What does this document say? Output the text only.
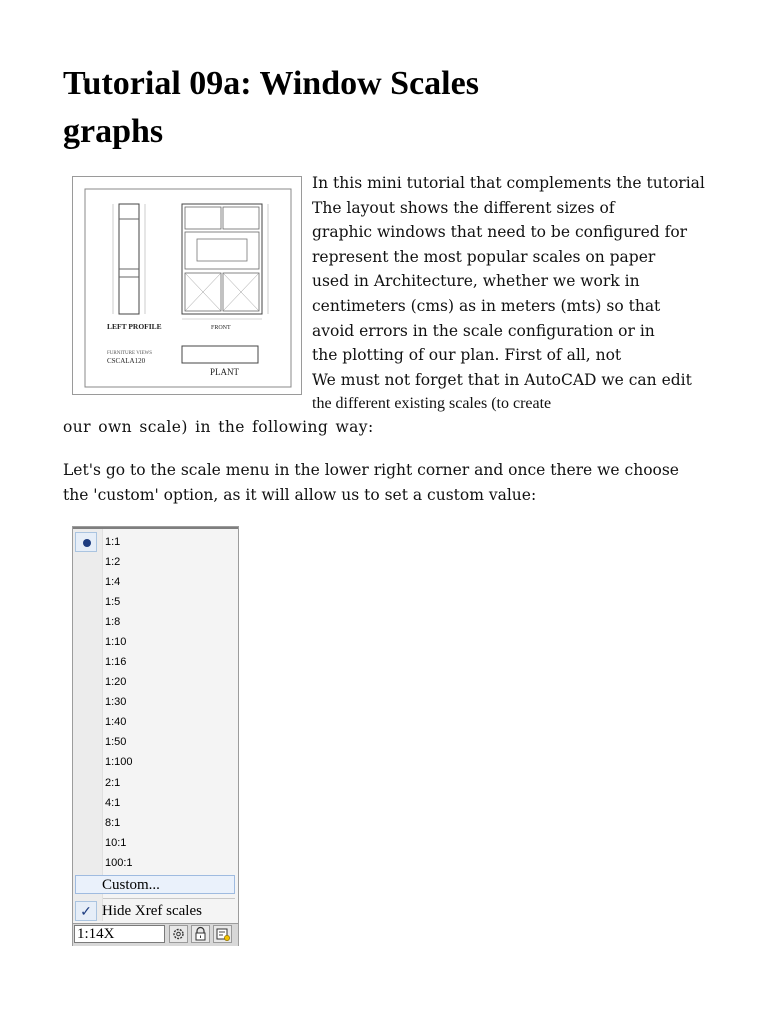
Tutorial 09a: Window Scales
graphs
LEFT PROFILE	FRONT
FURNITURE VIEWS
CSCALA120
PLANT

In this mini tutorial that complements the tutorial
The layout shows the different sizes of
graphic windows that need to be configured for
represent the most popular scales on paper
used in Architecture, whether we work in
centimeters (cms) as in meters (mts) so that
avoid errors in the scale configuration or in
the plotting of our plan. First of all, not
We must not forget that in AutoCAD we can edit
the different existing scales (to create

our own scale) in the following way:

Let's go to the scale menu in the lower right corner and once there we choose
the 'custom' option, as it will allow us to set a custom value:

1:1
1:2
1:4
1:5
1:8
1:10
1:16
1:20
1:30
1:40
1:50
1:100
2:1
4:1
8:1
10:1
100:1
Custom...
✓ Hide Xref scales
1:14X
